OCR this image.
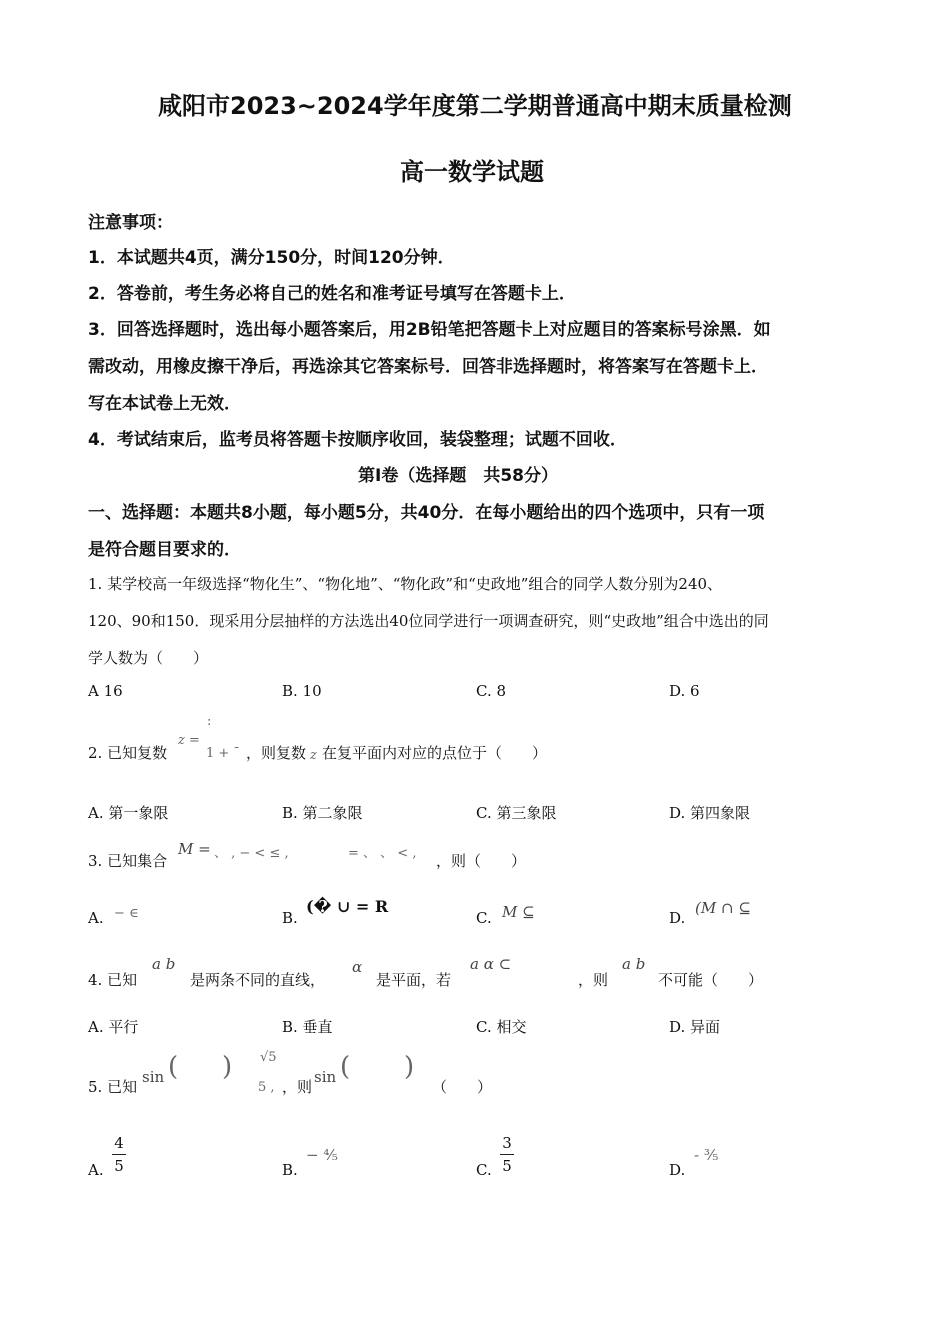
咸阳市2023~2024学年度第二学期普通高中期末质量检测
高一数学试题
注意事项：
1．本试题共4页，满分150分，时间120分钟．
2．答卷前，考生务必将自己的姓名和准考证号填写在答题卡上．
3．回答选择题时，选出每小题答案后，用2B铅笔把答题卡上对应题目的答案标号涂黑．如
需改动，用橡皮擦干净后，再选涂其它答案标号．回答非选择题时，将答案写在答题卡上．
写在本试卷上无效．
4．考试结束后，监考员将答题卡按顺序收回，装袋整理；试题不回收．
第I卷（选择题　共58分）
一、选择题：本题共8小题，每小题5分，共40分．在每小题给出的四个选项中，只有一项
是符合题目要求的．
1. 某学校高一年级选择“物化生”、“物化地”、“物化政”和“史政地”组合的同学人数分别为240、
120、90和150．现采用分层抽样的方法选出40位同学进行一项调查研究，则“史政地”组合中选出的同
学人数为（　　）
A 16	B. 10	C. 8	D. 6
2. 已知复数
z =
:
1 + ¯ ，则复数 z 在复平面内对应的点位于（　　）
A. 第一象限	B. 第二象限	C. 第三象限	D. 第四象限
3. 已知集合
M = 、 , − < ≤ ,	= 、 、 < , ，则（　　）
A. − ∈	B.
(� ∪ = R
C. M ⊆	D.
(M ∩ ⊆
4. 已知
a b
是两条不同的直线，
α
是平面，若
a α ⊂
，则
a b
不可能（　　）
A. 平行	B. 垂直	C. 相交	D. 异面
5. 已知
sin ( ) √5
5 , ，则
sin ( )
（　　）
A.
4
5	B.
− ⁴⁄₅
C.
3
5	D.
- ³⁄₅
